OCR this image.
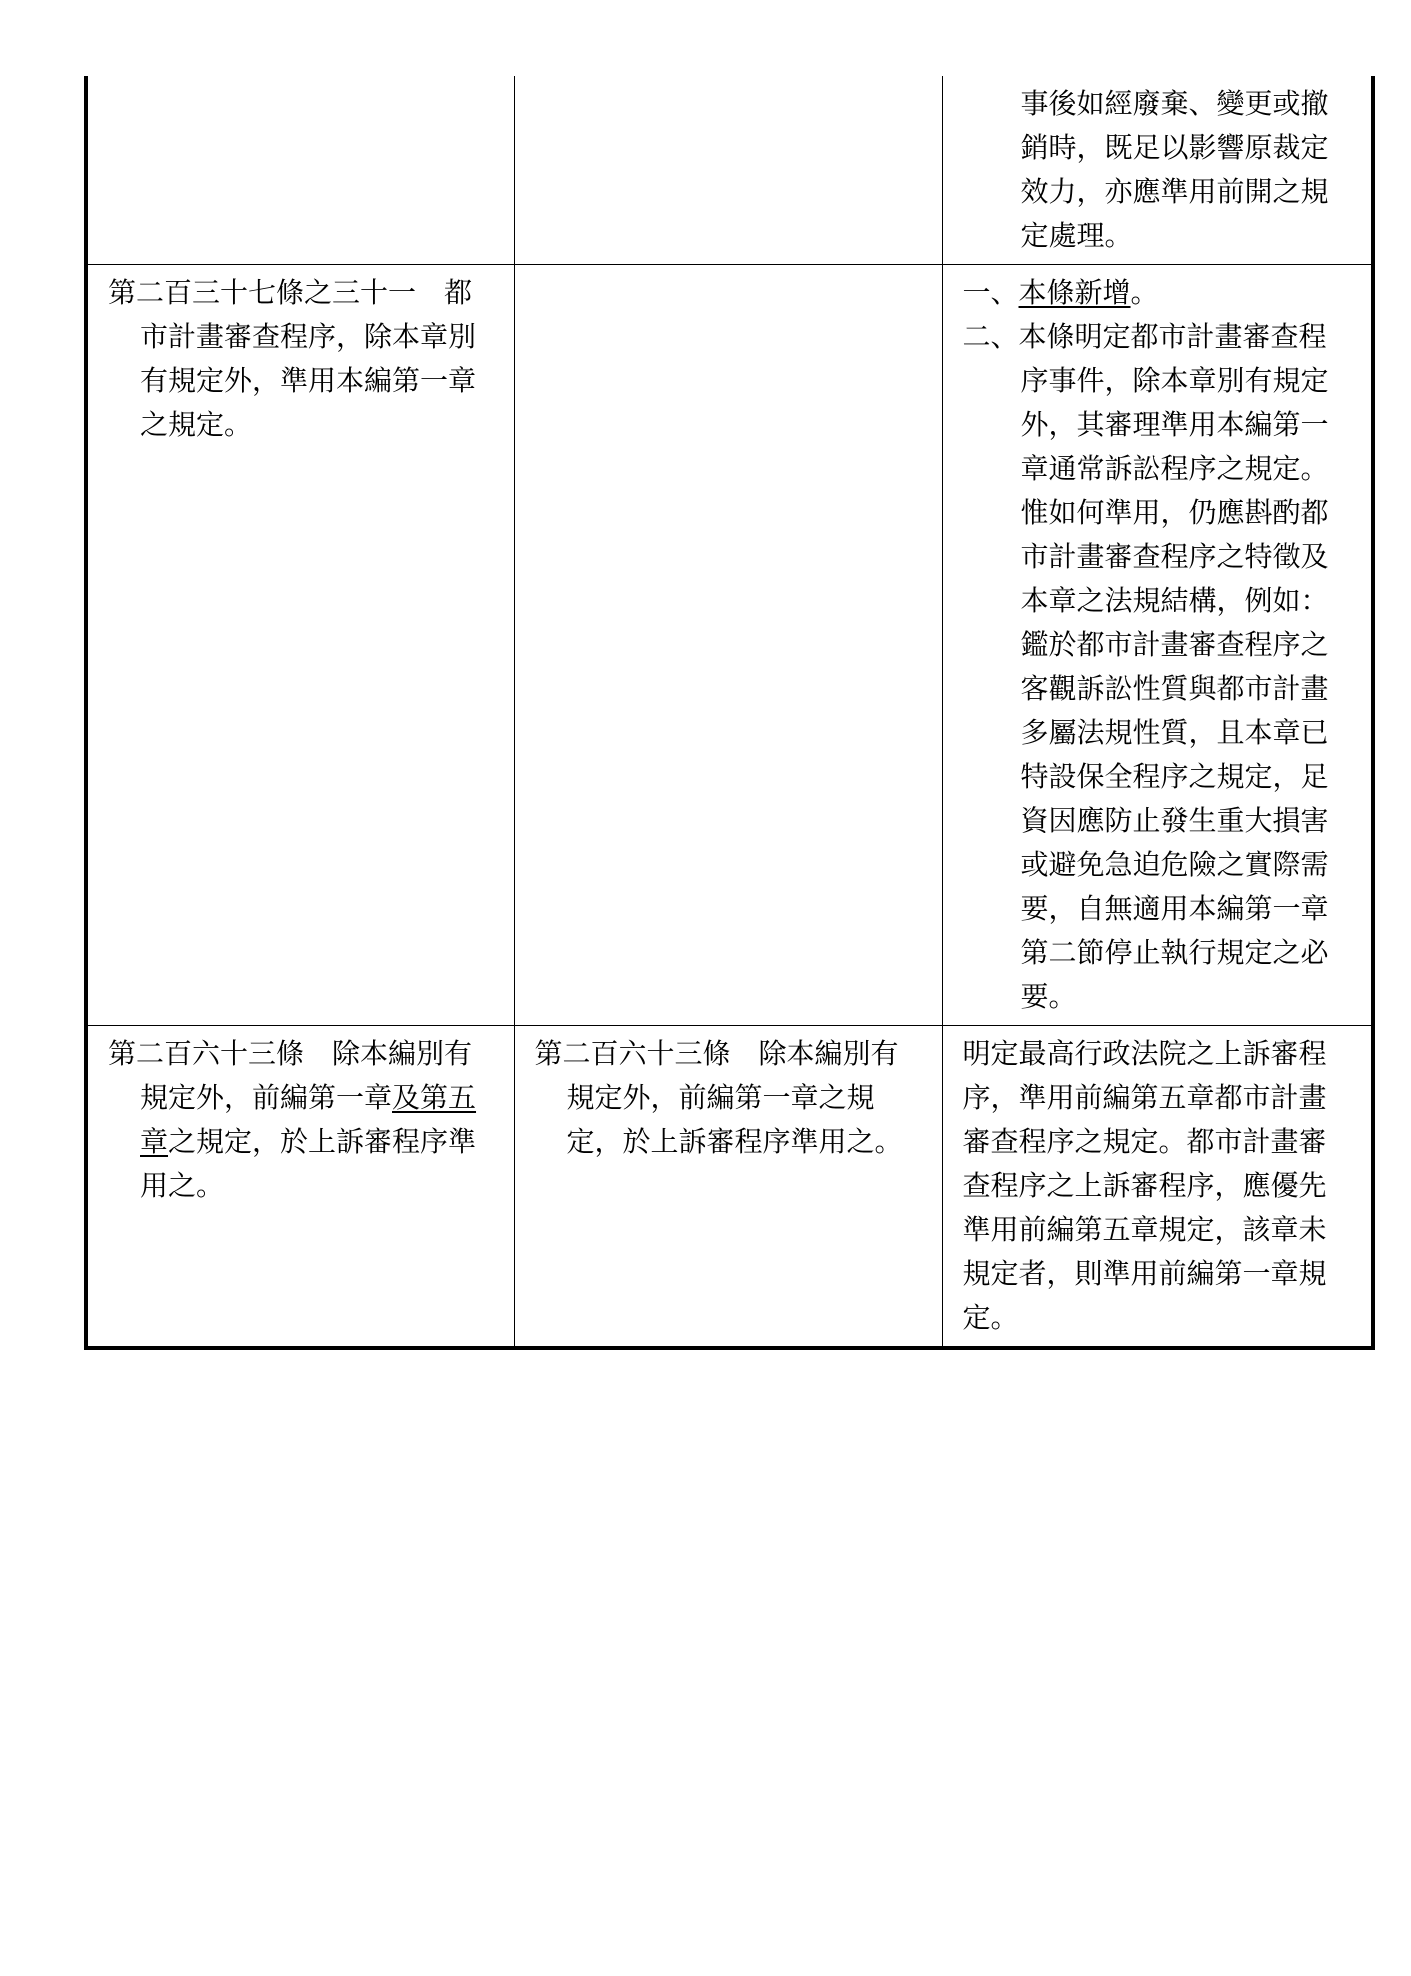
		事後如經廢棄、變更或撤銷時，既足以影響原裁定效力，亦應準用前開之規定處理。

第二百三十七條之三十一　都市計畫審查程序，除本章別有規定外，準用本編第一章之規定。		一、本條新增。
二、本條明定都市計畫審查程序事件，除本章別有規定外，其審理準用本編第一章通常訴訟程序之規定。惟如何準用，仍應斟酌都市計畫審查程序之特徵及本章之法規結構，例如：鑑於都市計畫審查程序之客觀訴訟性質與都市計畫多屬法規性質，且本章已特設保全程序之規定，足資因應防止發生重大損害或避免急迫危險之實際需要，自無適用本編第一章第二節停止執行規定之必要。

第二百六十三條　除本編別有規定外，前編第一章及第五章之規定，於上訴審程序準用之。	第二百六十三條　除本編別有規定外，前編第一章之規定，於上訴審程序準用之。	明定最高行政法院之上訴審程序，準用前編第五章都市計畫審查程序之規定。都市計畫審查程序之上訴審程序，應優先準用前編第五章規定，該章未規定者，則準用前編第一章規定。
